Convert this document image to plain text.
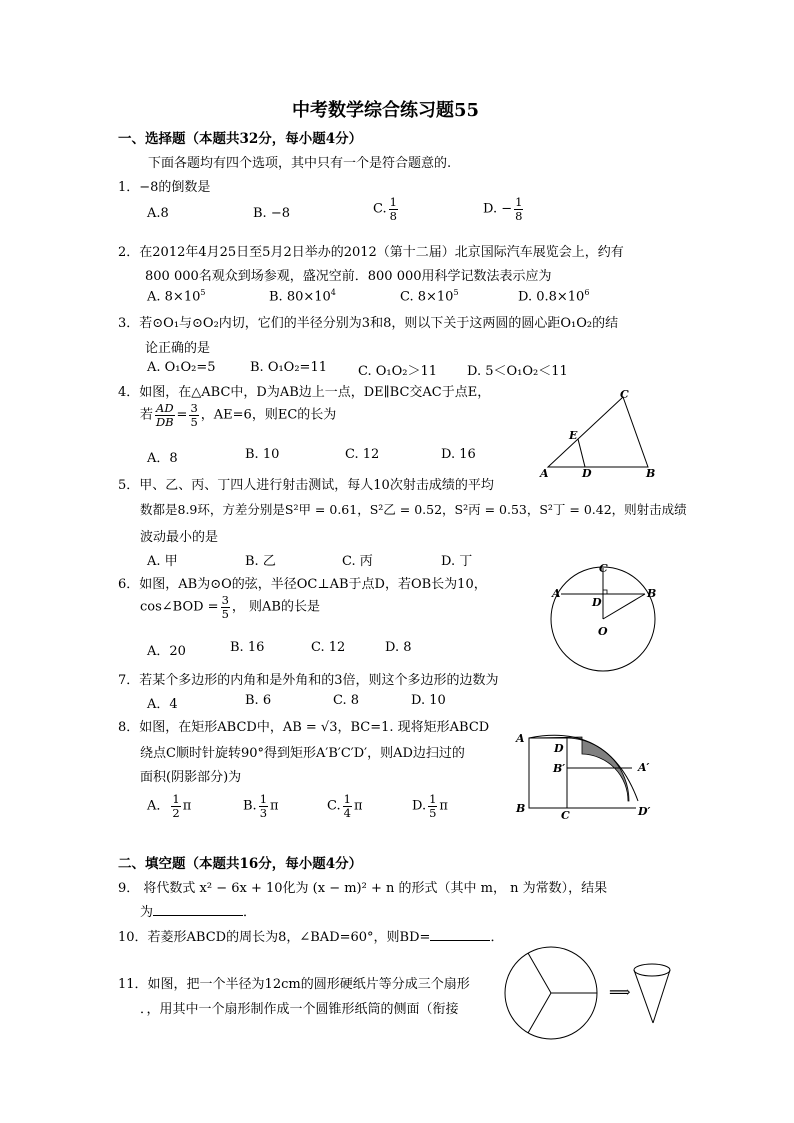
中考数学综合练习题55
一、选择题（本题共32分，每小题4分）
下面各题均有四个选项，其中只有一个是符合题意的.
1．−8的倒数是
A.8	B. −8	C. $\frac{1}{8}$	D. − $\frac{1}{8}$
2．在2012年4月25日至5月2日举办的2012（第十二届）北京国际汽车展览会上，约有
800 000名观众到场参观，盛况空前．800 000用科学记数法表示应为
A. $8\times 10^5$	B. $80\times 10^4$	C. $8\times 10^5$	D. $0.8\times 10^6$
3．若⊙O₁与⊙O₂内切，它们的半径分别为3和8，则以下关于这两圆的圆心距O₁O₂的结
论正确的是
A. O₁O₂=5	B. O₁O₂=11 C. O₁O₂＞11 D. 5＜O₁O₂＜11
4．如图，在△ABC中，D为AB边上一点，DE∥BC交AC于点E，
若 $\frac{AD}{DB} = \frac{3}{5}$ ，AE=6，则EC的长为
A．8	B. 10	C. 12	D. 16
C
E
A	D	B
5．甲、乙、丙、丁四人进行射击测试，每人10次射击成绩的平均
数都是8.9环，方差分别是S²甲 = 0.61，S²乙 = 0.52，S²丙 = 0.53，S²丁 = 0.42，则射击成绩
波动最小的是
A. 甲	B. 乙	C. 丙	D. 丁
6．如图，AB为⊙O的弦，半径OC⊥AB于点D，若OB长为10，
cos∠BOD = $\frac{3}{5}$ ， 则AB的长是
A．20	B. 16	C. 12	D. 8
C
A	B
D
O
7．若某个多边形的内角和是外角和的3倍，则这个多边形的边数为
A．4	B. 6	C. 8	D. 10
8．如图，在矩形ABCD中，AB = √3，BC=1. 现将矩形ABCD
绕点C顺时针旋转90°得到矩形A′B′C′D′，则AD边扫过的
面积(阴影部分)为
A． $\frac{1}{2}$ π	B. $\frac{1}{3}$ π	C. $\frac{1}{4}$ π	D. $\frac{1}{5}$ π
A
D
B′	A′
B
C	D′
二、填空题（本题共16分，每小题4分）
9． 将代数式 x² − 6x + 10化为 (x − m)² + n 的形式（其中 m， n 为常数），结果
为	．
10．若菱形ABCD的周长为8，∠BAD=60°，则BD=	．
11．如图，把一个半径为12cm的圆形硬纸片等分成三个扇形
．，用其中一个扇形制作成一个圆锥形纸筒的侧面（衔接
⟹
